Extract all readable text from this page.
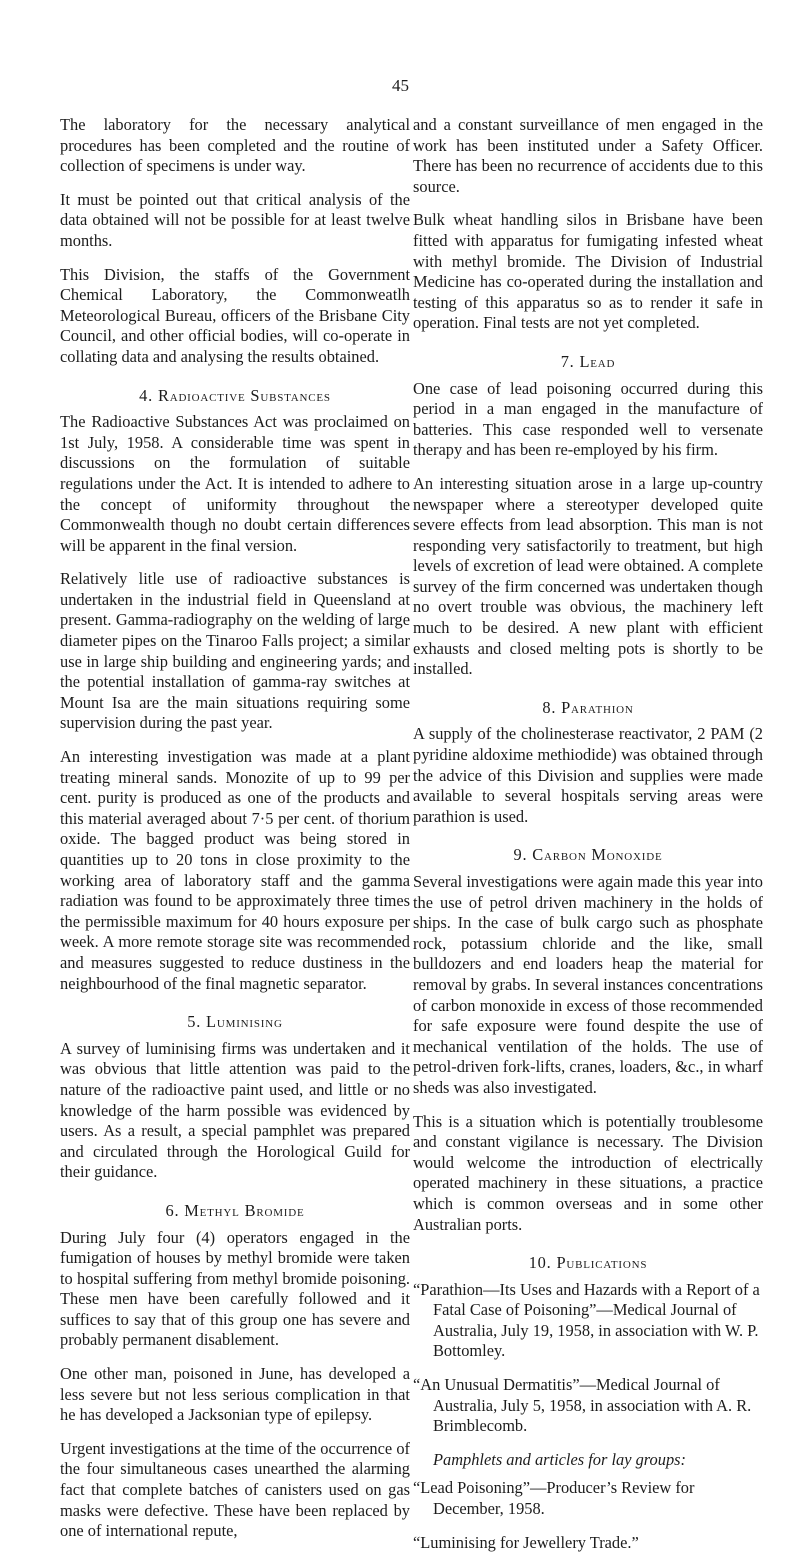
45

The laboratory for the necessary analytical procedures has been completed and the routine of collection of specimens is under way.

It must be pointed out that critical analysis of the data obtained will not be possible for at least twelve months.

This Division, the staffs of the Government Chemical Laboratory, the Commonweatlh Meteorological Bureau, officers of the Brisbane City Council, and other official bodies, will co-operate in collating data and analysing the results obtained.

4. Radioactive Substances

The Radioactive Substances Act was proclaimed on 1st July, 1958. A considerable time was spent in discussions on the formulation of suitable regulations under the Act. It is intended to adhere to the concept of uniformity throughout the Commonwealth though no doubt certain differences will be apparent in the final version.

Relatively litle use of radioactive substances is undertaken in the industrial field in Queensland at present. Gamma-radiography on the welding of large diameter pipes on the Tinaroo Falls project; a similar use in large ship building and engineering yards; and the potential installation of gamma-ray switches at Mount Isa are the main situations requiring some supervision during the past year.

An interesting investigation was made at a plant treating mineral sands. Monozite of up to 99 per cent. purity is produced as one of the products and this material averaged about 7·5 per cent. of thorium oxide. The bagged product was being stored in quantities up to 20 tons in close proximity to the working area of laboratory staff and the gamma radiation was found to be approximately three times the permissible maximum for 40 hours exposure per week. A more remote storage site was recommended and measures suggested to reduce dustiness in the neighbourhood of the final magnetic separator.

5. Luminising

A survey of luminising firms was undertaken and it was obvious that little attention was paid to the nature of the radioactive paint used, and little or no knowledge of the harm possible was evidenced by users. As a result, a special pamphlet was prepared and circulated through the Horological Guild for their guidance.

6. Methyl Bromide

During July four (4) operators engaged in the fumigation of houses by methyl bromide were taken to hospital suffering from methyl bromide poisoning. These men have been carefully followed and it suffices to say that of this group one has severe and probably permanent disablement.

One other man, poisoned in June, has developed a less severe but not less serious complication in that he has developed a Jacksonian type of epilepsy.

Urgent investigations at the time of the occurrence of the four simultaneous cases unearthed the alarming fact that complete batches of canisters used on gas masks were defective. These have been replaced by one of international repute,

and a constant surveillance of men engaged in the work has been instituted under a Safety Officer. There has been no recurrence of accidents due to this source.

Bulk wheat handling silos in Brisbane have been fitted with apparatus for fumigating infested wheat with methyl bromide. The Division of Industrial Medicine has co-operated during the installation and testing of this apparatus so as to render it safe in operation. Final tests are not yet completed.

7. Lead

One case of lead poisoning occurred during this period in a man engaged in the manufacture of batteries. This case responded well to versenate therapy and has been re-employed by his firm.

An interesting situation arose in a large up-country newspaper where a stereotyper developed quite severe effects from lead absorption. This man is not responding very satisfactorily to treatment, but high levels of excretion of lead were obtained. A complete survey of the firm concerned was undertaken though no overt trouble was obvious, the machinery left much to be desired. A new plant with efficient exhausts and closed melting pots is shortly to be installed.

8. Parathion

A supply of the cholinesterase reactivator, 2 PAM (2 pyridine aldoxime methiodide) was obtained through the advice of this Division and supplies were made available to several hospitals serving areas were parathion is used.

9. Carbon Monoxide

Several investigations were again made this year into the use of petrol driven machinery in the holds of ships. In the case of bulk cargo such as phosphate rock, potassium chloride and the like, small bulldozers and end loaders heap the material for removal by grabs. In several instances concentrations of carbon monoxide in excess of those recommended for safe exposure were found despite the use of mechanical ventilation of the holds. The use of petrol-driven fork-lifts, cranes, loaders, &c., in wharf sheds was also investigated.

This is a situation which is potentially troublesome and constant vigilance is necessary. The Division would welcome the introduction of electrically operated machinery in these situations, a practice which is common overseas and in some other Australian ports.

10. Publications

“Parathion—Its Uses and Hazards with a Report of a Fatal Case of Poisoning”—Medical Journal of Australia, July 19, 1958, in association with W. P. Bottomley.

“An Unusual Dermatitis”—Medical Journal of Australia, July 5, 1958, in association with A. R. Brimblecomb.

Pamphlets and articles for lay groups:

“Lead Poisoning”—Producer’s Review for December, 1958.

“Luminising for Jewellery Trade.”
